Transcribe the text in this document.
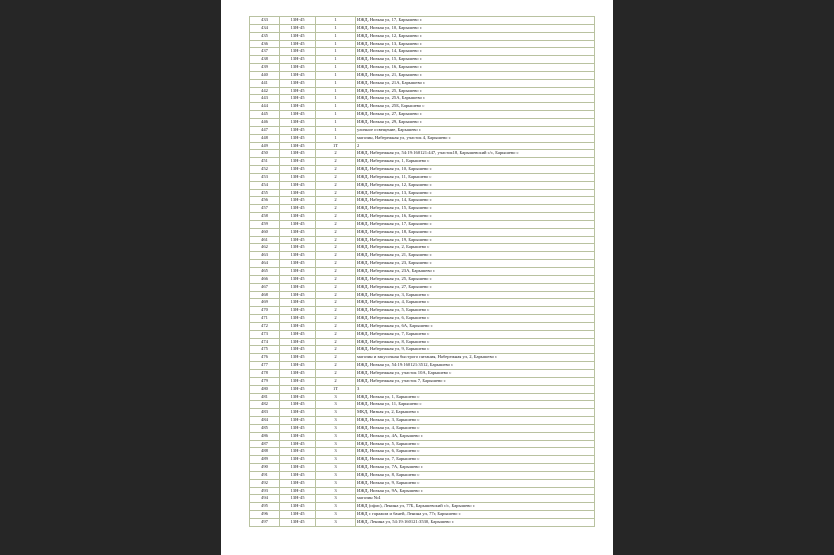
433	13Н-45	1	ИЖД, Низкая ул, 17, Барышево с
434	13Н-45	1	ИЖД, Низкая ул, 10, Барышево с
435	13Н-45	1	ИЖД, Низкая ул, 12, Барышево с
436	13Н-45	1	ИЖД, Низкая ул, 13, Барышево с
437	13Н-45	1	ИЖД, Низкая ул, 14, Барышево с
438	13Н-45	1	ИЖД, Низкая ул, 15, Барышево с
439	13Н-45	1	ИЖД, Низкая ул, 16, Барышево с
440	13Н-45	1	ИЖД, Низкая ул, 21, Барышево с
441	13Н-45	1	ИЖД, Низкая ул, 21А, Барышево с
442	13Н-45	1	ИЖД, Низкая ул, 25, Барышево с
443	13Н-45	1	ИЖД, Низкая ул, 25А, Барышево с
444	13Н-45	1	ИЖД, Низкая ул, 25Б, Барышево с
445	13Н-45	1	ИЖД, Низкая ул, 27, Барышево с
446	13Н-45	1	ИЖД, Низкая ул, 29, Барышево с
447	13Н-45	1	уличное освещение, Барышево с
448	13Н-45	1	магазин, Набережная ул, участок 4, Барышево с
449	13Н-45	1Т	2
450	13Н-45	2	ИЖД, Набережная ул, 54:19:160121:447, участок18, Барышевский с/с, Барышево с
451	13Н-45	2	ИЖД, Набережная ул, 1, Барышево с
452	13Н-45	2	ИЖД, Набережная ул, 10, Барышево с
453	13Н-45	2	ИЖД, Набережная ул, 11, Барышево с
454	13Н-45	2	ИЖД, Набережная ул, 12, Барышево с
455	13Н-45	2	ИЖД, Набережная ул, 13, Барышево с
456	13Н-45	2	ИЖД, Набережная ул, 14, Барышево с
457	13Н-45	2	ИЖД, Набережная ул, 15, Барышево с
458	13Н-45	2	ИЖД, Набережная ул, 16, Барышево с
459	13Н-45	2	ИЖД, Набережная ул, 17, Барышево с
460	13Н-45	2	ИЖД, Набережная ул, 18, Барышево с
461	13Н-45	2	ИЖД, Набережная ул, 19, Барышево с
462	13Н-45	2	ИЖД, Набережная ул, 2, Барышево с
463	13Н-45	2	ИЖД, Набережная ул, 21, Барышево с
464	13Н-45	2	ИЖД, Набережная ул, 23, Барышево с
465	13Н-45	2	ИЖД, Набережная ул, 23А, Барышево с
466	13Н-45	2	ИЖД, Набережная ул, 25, Барышево с
467	13Н-45	2	ИЖД, Набережная ул, 27, Барышево с
468	13Н-45	2	ИЖД, Набережная ул, 3, Барышево с
469	13Н-45	2	ИЖД, Набережная ул, 4, Барышево с
470	13Н-45	2	ИЖД, Набережная ул, 5, Барышево с
471	13Н-45	2	ИЖД, Набережная ул, 6, Барышево с
472	13Н-45	2	ИЖД, Набережная ул, 6А, Барышево с
473	13Н-45	2	ИЖД, Набережная ул, 7, Барышево с
474	13Н-45	2	ИЖД, Набережная ул, 8, Барышево с
475	13Н-45	2	ИЖД, Набережная ул, 9, Барышево с
476	13Н-45	2	магазин и закусочная быстрого питания, Набережная ул, 2, Барышево с
477	13Н-45	2	ИЖД, Низкая ул, 54:19:160121:3512, Барышево с
478	13Н-45	2	ИЖД, Набережная ул, участок 10А, Барышево с
479	13Н-45	2	ИЖД, Набережная ул, участок 7, Барышево с
480	13Н-45	1Т	3
481	13Н-45	3	ИЖД, Низкая ул, 1, Барышево с
482	13Н-45	3	ИЖД, Низкая ул, 11, Барышево с
483	13Н-45	3	МКД, Низкая ул, 2, Барышево с
484	13Н-45	3	ИЖД, Низкая ул, 3, Барышево с
485	13Н-45	3	ИЖД, Низкая ул, 4, Барышево с
486	13Н-45	3	ИЖД, Низкая ул, 4А, Барышево с
487	13Н-45	3	ИЖД, Низкая ул, 5, Барышево с
488	13Н-45	3	ИЖД, Низкая ул, 6, Барышево с
489	13Н-45	3	ИЖД, Низкая ул, 7, Барышево с
490	13Н-45	3	ИЖД, Низкая ул, 7А, Барышево с
491	13Н-45	3	ИЖД, Низкая ул, 8, Барышево с
492	13Н-45	3	ИЖД, Низкая ул, 9, Барышево с
493	13Н-45	3	ИЖД, Низкая ул, 9А, Барышево с
494	13Н-45	3	магазин №4
495	13Н-45	3	ИЖД (офис), Ленина ул, 77Б, Барышевский с/с, Барышево с
496	13Н-45	3	ИЖД с гаражом и баней, Ленина ул, 77г, Барышево с
497	13Н-45	3	ИЖД, Ленина ул, 54:19:160121:3530, Барышево с
